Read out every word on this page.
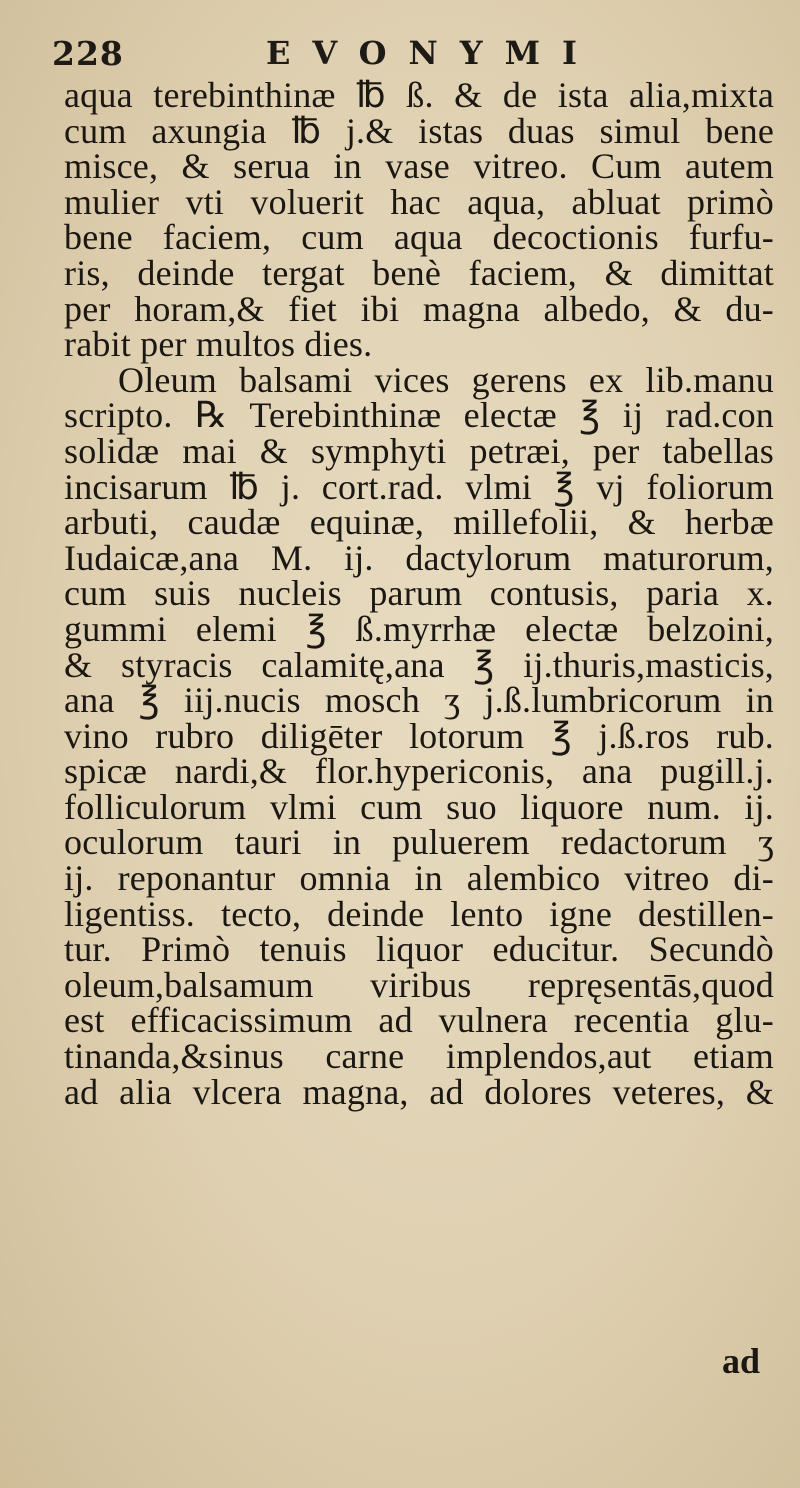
228	EVONYMI
aqua terebinthinæ ℔ ß. & de ista alia,mixta
cum axungia ℔ j.& istas duas simul bene
misce, & serua in vase vitreo. Cum autem
mulier vti voluerit hac aqua, abluat primò
bene faciem, cum aqua decoctionis furfu-
ris, deinde tergat benè faciem, & dimittat
per horam,& fiet ibi magna albedo, & du-
rabit per multos dies.
Oleum balsami vices gerens ex lib.manu
scripto. ℞ Terebinthinæ electæ ℥ ij rad.con
solidæ mai & symphyti petræi, per tabellas
incisarum ℔ j. cort.rad. vlmi ℥ vj foliorum
arbuti, caudæ equinæ, millefolii, & herbæ
Iudaicæ,ana M. ij. dactylorum maturorum,
cum suis nucleis parum contusis, paria x.
gummi elemi ℥ ß.myrrhæ electæ belzoini,
& styracis calamitę,ana ℥ ij.thuris,masticis,
ana ℥ iij.nucis mosch ʒ j.ß.lumbricorum in
vino rubro diligēter lotorum ℥ j.ß.ros rub.
spicæ nardi,& flor.hypericonis, ana pugill.j.
folliculorum vlmi cum suo liquore num. ij.
oculorum tauri in puluerem redactorum ʒ
ij. reponantur omnia in alembico vitreo di-
ligentiss. tecto, deinde lento igne destillen-
tur. Primò tenuis liquor educitur. Secundò
oleum,balsamum viribus repręsentās,quod
est efficacissimum ad vulnera recentia glu-
tinanda,&sinus carne implendos,aut etiam
ad alia vlcera magna, ad dolores veteres, &
ad
